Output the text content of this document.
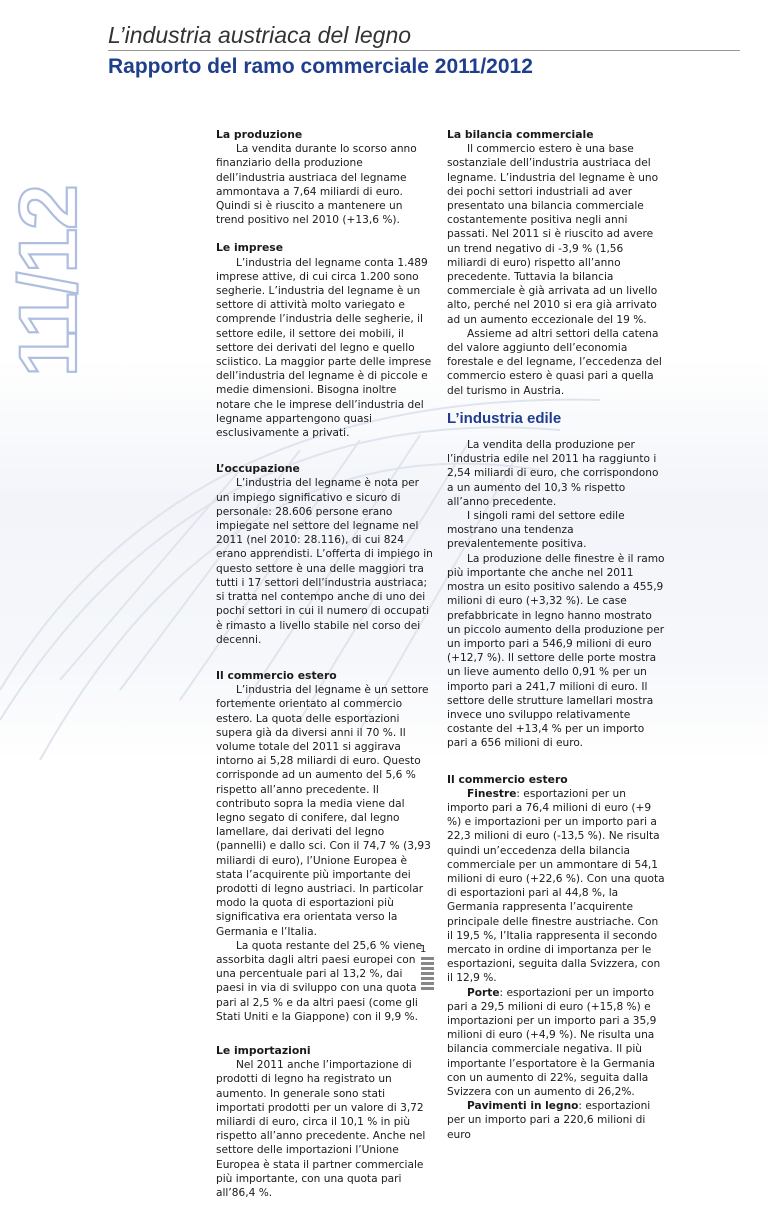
11/12
L’industria austriaca del legno
Rapporto del ramo commerciale 2011/2012
La produzione

La vendita durante lo scorso anno finanziario della produzione dell’industria austriaca del legname ammontava a 7,64 miliardi di euro. Quindi si è riuscito a mantenere un trend positivo nel 2010 (+13,6 %).

Le imprese

L’industria del legname conta 1.489 imprese attive, di cui circa 1.200 sono segherie. L’industria del legname è un settore di attività molto variegato e comprende l’industria delle segherie, il settore edile, il settore dei mobili, il settore dei derivati del legno e quello sciistico. La maggior parte delle imprese dell’industria del legname è di piccole e medie dimensioni. Bisogna inoltre notare che le imprese dell’industria del legname appartengono quasi esclusivamente a privati.

L’occupazione

L’industria del legname è nota per un impiego significativo e sicuro di personale: 28.606 persone erano impiegate nel settore del legname nel 2011 (nel 2010: 28.116), di cui 824 erano apprendisti. L’offerta di impiego in questo settore è una delle maggiori tra tutti i 17 settori dell’industria austriaca; si tratta nel contempo anche di uno dei pochi settori in cui il numero di occupati è rimasto a livello stabile nel corso dei decenni.

Il commercio estero

L’industria del legname è un settore fortemente orientato al commercio estero. La quota delle esportazioni supera già da diversi anni il 70 %. Il volume totale del 2011 si aggirava intorno ai 5,28 miliardi di euro. Questo corrisponde ad un aumento del 5,6 % rispetto all’anno precedente. Il contributo sopra la media viene dal legno segato di conifere, dal legno lamellare, dai derivati del legno (pannelli) e dallo sci. Con il 74,7 % (3,93 miliardi di euro), l’Unione Europea è stata l’acquirente più importante dei prodotti di legno austriaci. In particolar modo la quota di esportazioni più significativa era orientata verso la Germania e l’Italia.

La quota restante del 25,6 % viene assorbita dagli altri paesi europei con una percentuale pari al 13,2 %, dai paesi in via di sviluppo con una quota pari al 2,5 % e da altri paesi (come gli Stati Uniti e la Giappone) con il 9,9 %.

Le importazioni

Nel 2011 anche l’importazione di prodotti di legno ha registrato un aumento. In generale sono stati importati prodotti per un valore di 3,72 miliardi di euro, circa il 10,1 % in più rispetto all’anno precedente. Anche nel settore delle importazioni l’Unione Europea è stata il partner commerciale più importante, con una quota pari all’86,4 %.

La bilancia commerciale

Il commercio estero è una base sostanziale dell’industria austriaca del legname. L’industria del legname è uno dei pochi settori industriali ad aver presentato una bilancia commerciale costantemente positiva negli anni passati. Nel 2011 si è riuscito ad avere un trend negativo di -3,9 % (1,56 miliardi di euro) rispetto all’anno precedente. Tuttavia la bilancia commerciale è già arrivata ad un livello alto, perché nel 2010 si era già arrivato ad un aumento eccezionale del 19 %.

Assieme ad altri settori della catena del valore aggiunto dell’economia forestale e del legname, l’eccedenza del commercio estero è quasi pari a quella del turismo in Austria.

L’industria edile

La vendita della produzione per l’industria edile nel 2011 ha raggiunto i 2,54 miliardi di euro, che corrispondono a un aumento del 10,3 % rispetto all’anno precedente.

I singoli rami del settore edile mostrano una tendenza prevalentemente positiva.

La produzione delle finestre è il ramo più importante che anche nel 2011 mostra un esito positivo salendo a 455,9 milioni di euro (+3,32 %). Le case prefabbricate in legno hanno mostrato un piccolo aumento della produzione per un importo pari a 546,9 milioni di euro (+12,7 %). Il settore delle porte mostra un lieve aumento dello 0,91 % per un importo pari a 241,7 milioni di euro. Il settore delle strutture lamellari mostra invece uno sviluppo relativamente costante del +13,4 % per un importo pari a 656 milioni di euro.

Il commercio estero

Finestre: esportazioni per un importo pari a 76,4 milioni di euro (+9 %) e importazioni per un importo pari a 22,3 milioni di euro (-13,5 %). Ne risulta quindi un’eccedenza della bilancia commerciale per un ammontare di 54,1 milioni di euro (+22,6 %). Con una quota di esportazioni pari al 44,8 %, la Germania rappresenta l’acquirente principale delle finestre austriache. Con il 19,5 %, l’Italia rappresenta il secondo mercato in ordine di importanza per le esportazioni, seguita dalla Svizzera, con il 12,9 %.

Porte: esportazioni per un importo pari a 29,5 milioni di euro (+15,8 %) e importazioni per un importo pari a 35,9 milioni di euro (+4,9 %). Ne risulta una bilancia commerciale negativa. Il più importante l’esportatore è la Germania con un aumento di 22%, seguita dalla Svizzera con un aumento di 26,2%.

Pavimenti in legno: esportazioni per un importo pari a 220,6 milioni di euro

1
